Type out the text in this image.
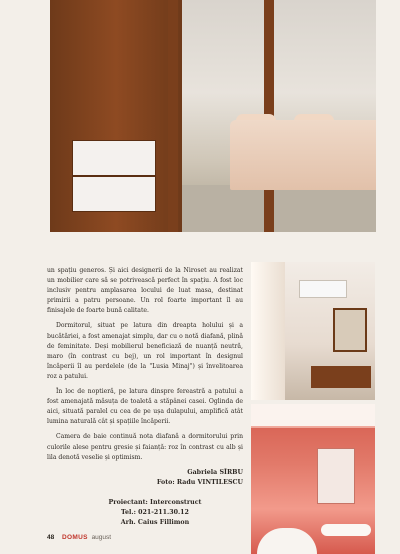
un spațiu generos. Și aici designerii de la Niroset au realizat un mobilier care să se potrivească perfect în spațiu. A fost loc inclusiv pentru amplasarea locului de luat masa, destinat primirii a patru persoane. Un rol foarte important îl au finisajele de foarte bună calitate.

Dormitorul, situat pe latura din dreapta holului și a bucătăriei, a fost amenajat simplu, dar cu o notă diafană, plină de feminitate. Deși mobilierul beneficiază de nuanță neutră, maro (în contrast cu bej), un rol important în designul încăperii îl au perdelele (de la "Lusia Minaj") și învelitoarea roz a patului.

În loc de noptieră, pe latura dinspre fereastră a patului a fost amenajată măsuța de toaletă a stăpânei casei. Oglinda de aici, situată paralel cu cea de pe ușa dulapului, amplifică atât lumina naturală cât și spațiile încăperii.

Camera de baie continuă nota diafană a dormitorului prin culorile alese pentru gresie și faianță: roz în contrast cu alb și lila denotă veselie și optimism.

Gabriela SÎRBU
Foto: Radu VINTILESCU
Proiectant: Interconstruct
Tel.: 021-211.30.12
Arh. Caius Fillimon
48 DOMUS august
